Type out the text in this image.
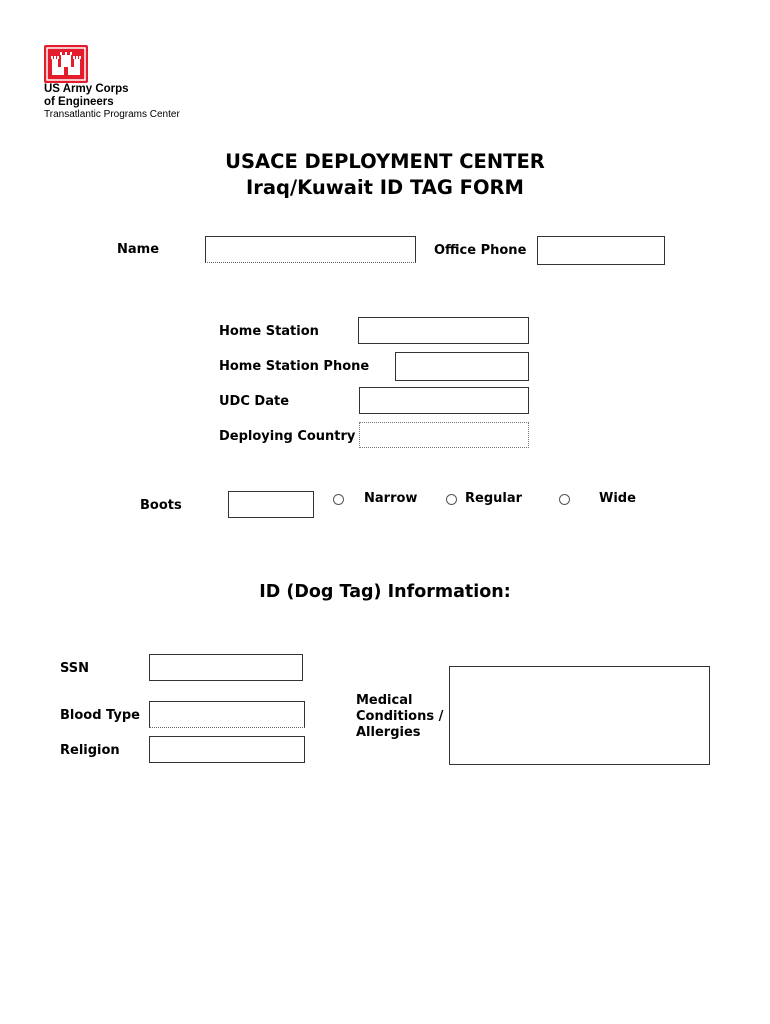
US Army Corps
of Engineers
Transatlantic Programs Center
USACE DEPLOYMENT CENTER
Iraq/Kuwait ID TAG FORM
Name	Office Phone
Home Station
Home Station Phone
UDC Date
Deploying Country
Boots	Narrow	Regular	Wide
ID (Dog Tag) Information:
SSN
Blood Type
Religion
Medical
Conditions /
Allergies
